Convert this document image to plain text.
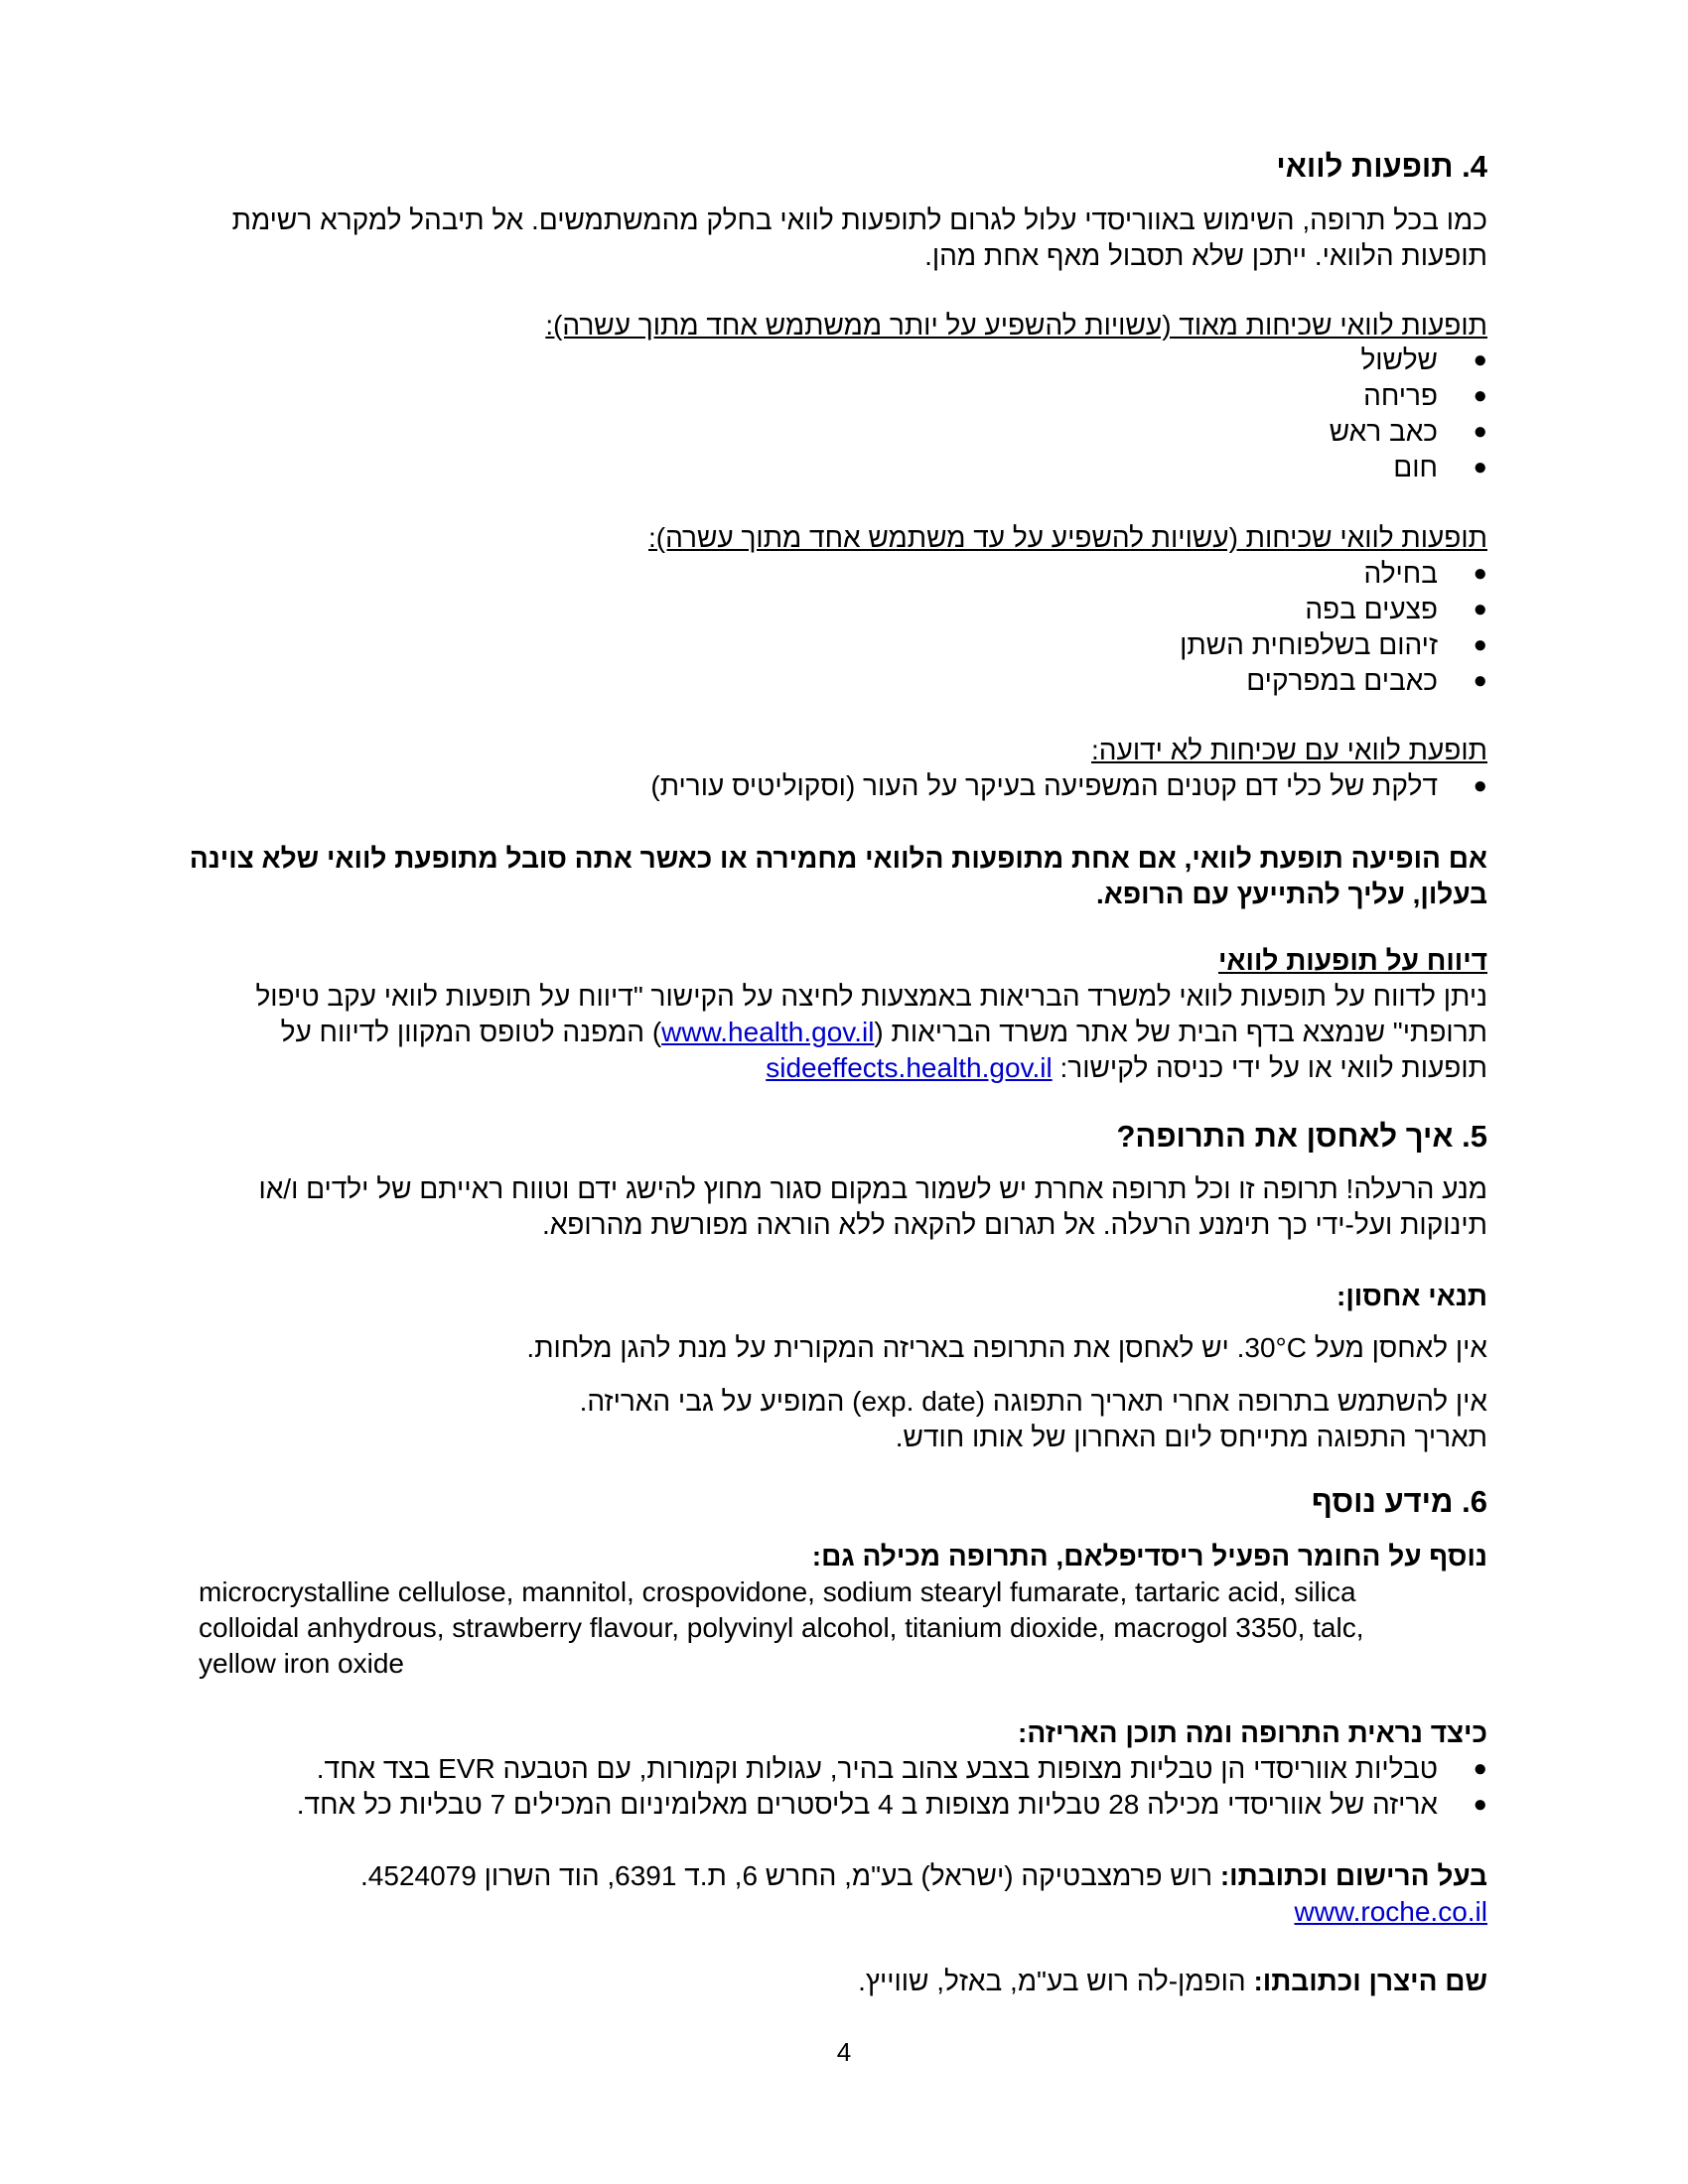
4. תופעות לוואי
כמו בכל תרופה, השימוש באווריסדי עלול לגרום לתופעות לוואי בחלק מהמשתמשים. אל תיבהל למקרא רשימת
תופעות הלוואי. ייתכן שלא תסבול מאף אחת מהן.
תופעות לוואי שכיחות מאוד (עשויות להשפיע על יותר ממשתמש אחד מתוך עשרה):
●
שלשול
●
פריחה
●
כאב ראש
●
חום
תופעות לוואי שכיחות (עשויות להשפיע על עד משתמש אחד מתוך עשרה):
●
בחילה
●
פצעים בפה
●
זיהום בשלפוחית השתן
●
כאבים במפרקים
תופעת לוואי עם שכיחות לא ידועה:
●
דלקת של כלי דם קטנים המשפיעה בעיקר על העור (וסקוליטיס עורית)
אם הופיעה תופעת לוואי, אם אחת מתופעות הלוואי מחמירה או כאשר אתה סובל מתופעת לוואי שלא צוינה
בעלון, עליך להתייעץ עם הרופא.
דיווח על תופעות לוואי
ניתן לדווח על תופעות לוואי למשרד הבריאות באמצעות לחיצה על הקישור "דיווח על תופעות לוואי עקב טיפול
תרופתי" שנמצא בדף הבית של אתר משרד הבריאות (www.health.gov.il) המפנה לטופס המקוון לדיווח על
תופעות לוואי או על ידי כניסה לקישור: sideeffects.health.gov.il
5. איך לאחסן את התרופה?
מנע הרעלה! תרופה זו וכל תרופה אחרת יש לשמור במקום סגור מחוץ להישג ידם וטווח ראייתם של ילדים ו/או
תינוקות ועל-ידי כך תימנע הרעלה. אל תגרום להקאה ללא הוראה מפורשת מהרופא.
תנאי אחסון:
אין לאחסן מעל 30°C. יש לאחסן את התרופה באריזה המקורית על מנת להגן מלחות.
אין להשתמש בתרופה אחרי תאריך התפוגה (exp. date) המופיע על גבי האריזה.
תאריך התפוגה מתייחס ליום האחרון של אותו חודש.
6. מידע נוסף
נוסף על החומר הפעיל ריסדיפלאם, התרופה מכילה גם:
microcrystalline cellulose, mannitol, crospovidone, sodium stearyl fumarate, tartaric acid, silica
colloidal anhydrous, strawberry flavour, polyvinyl alcohol, titanium dioxide, macrogol 3350, talc,
yellow iron oxide
כיצד נראית התרופה ומה תוכן האריזה:
●
טבליות אווריסדי הן טבליות מצופות בצבע צהוב בהיר, עגולות וקמורות, עם הטבעה EVR בצד אחד.
●
אריזה של אווריסדי מכילה 28 טבליות מצופות ב 4 בליסטרים מאלומיניום המכילים 7 טבליות כל אחד.
בעל הרישום וכתובתו: רוש פרמצבטיקה (ישראל) בע"מ, החרש 6, ת.ד 6391, הוד השרון 4524079.
www.roche.co.il
שם היצרן וכתובתו: הופמן-לה רוש בע"מ, באזל, שווייץ.
4
